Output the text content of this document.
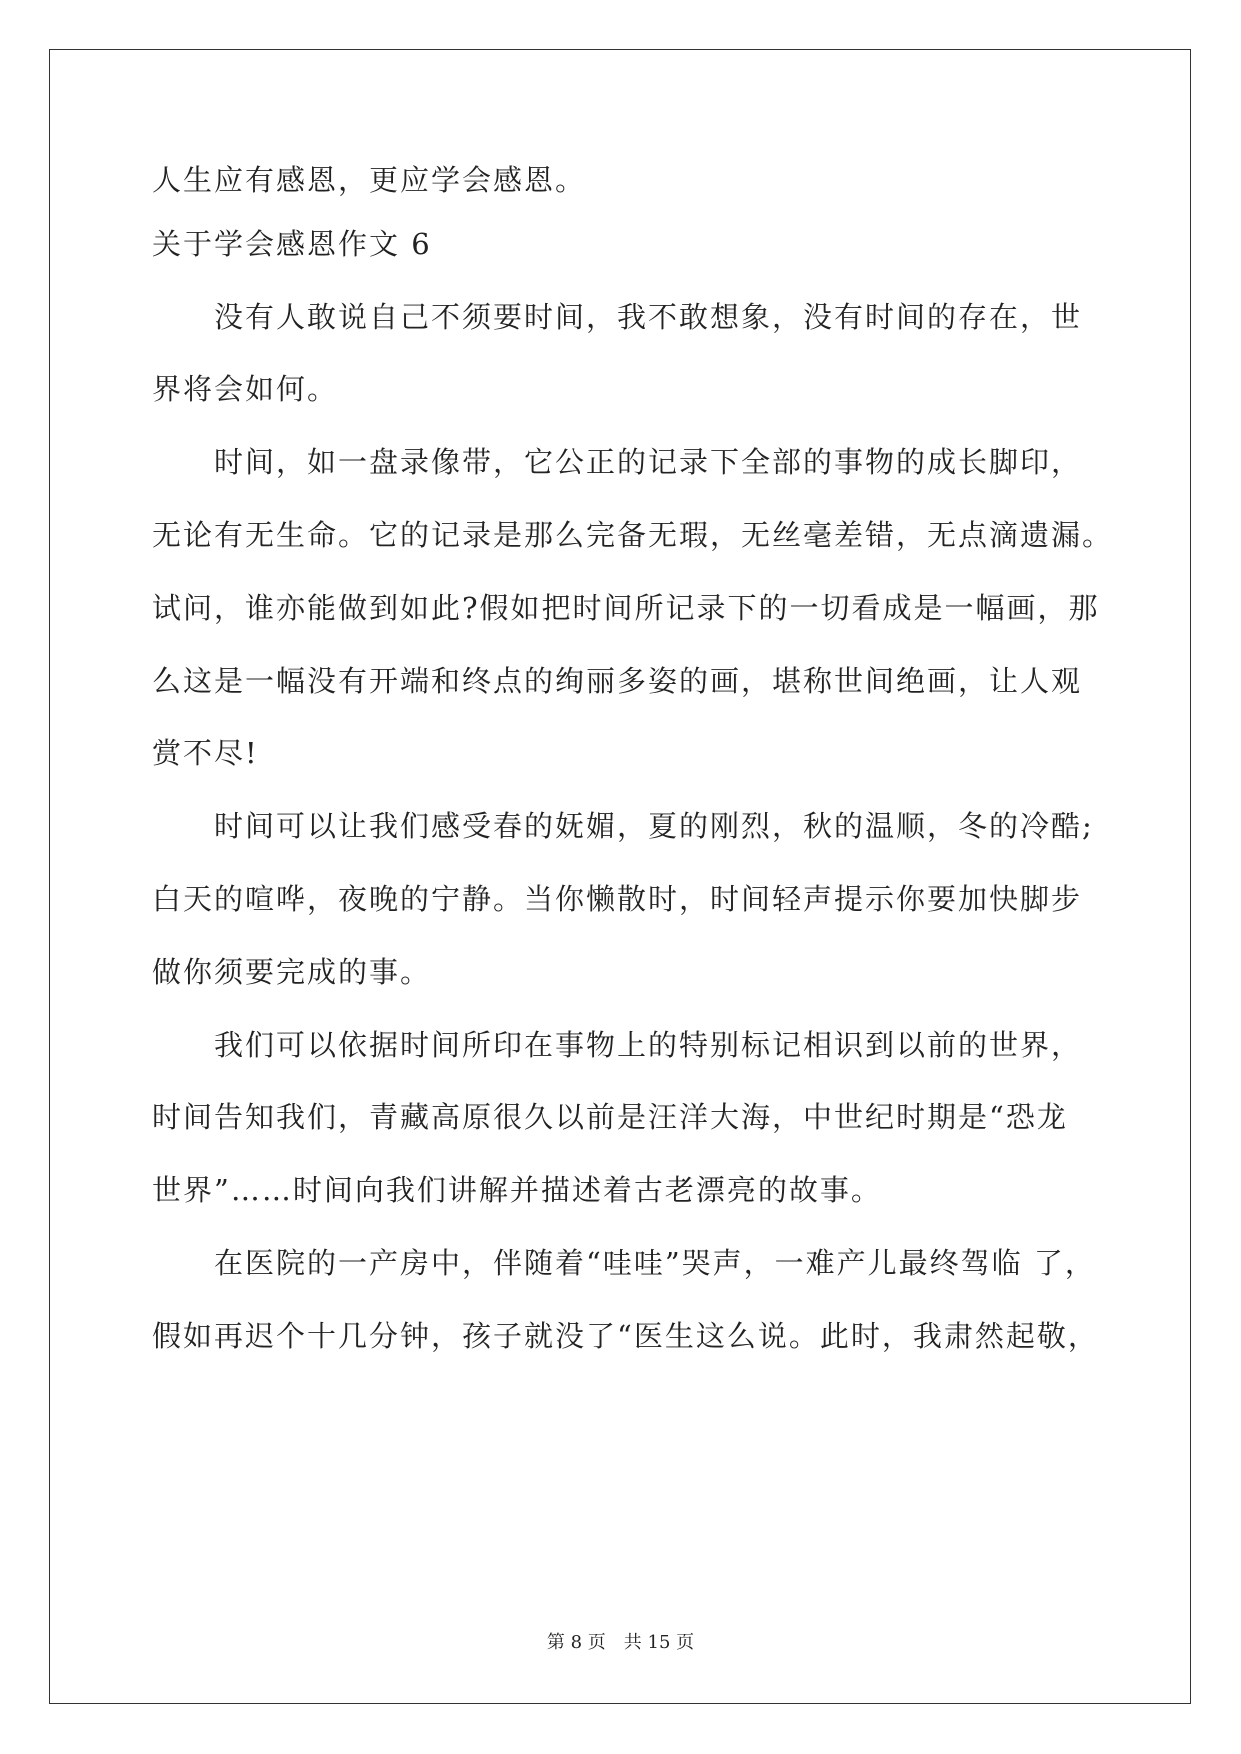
人生应有感恩，更应学会感恩。
关于学会感恩作文 6
没有人敢说自己不须要时间，我不敢想象，没有时间的存在，世
界将会如何。
时间，如一盘录像带，它公正的记录下全部的事物的成长脚印，
无论有无生命。它的记录是那么完备无瑕，无丝毫差错，无点滴遗漏。
试问，谁亦能做到如此?假如把时间所记录下的一切看成是一幅画，那
么这是一幅没有开端和终点的绚丽多姿的画，堪称世间绝画，让人观
赏不尽!
时间可以让我们感受春的妩媚，夏的刚烈，秋的温顺，冬的冷酷;
白天的喧哗，夜晚的宁静。当你懒散时，时间轻声提示你要加快脚步
做你须要完成的事。
我们可以依据时间所印在事物上的特别标记相识到以前的世界，
时间告知我们，青藏高原很久以前是汪洋大海，中世纪时期是“恐龙
世界”……时间向我们讲解并描述着古老漂亮的故事。
在医院的一产房中，伴随着“哇哇”哭声，一难产儿最终驾临 了，
假如再迟个十几分钟，孩子就没了“医生这么说。此时，我肃然起敬，
第 8 页　共 15 页
